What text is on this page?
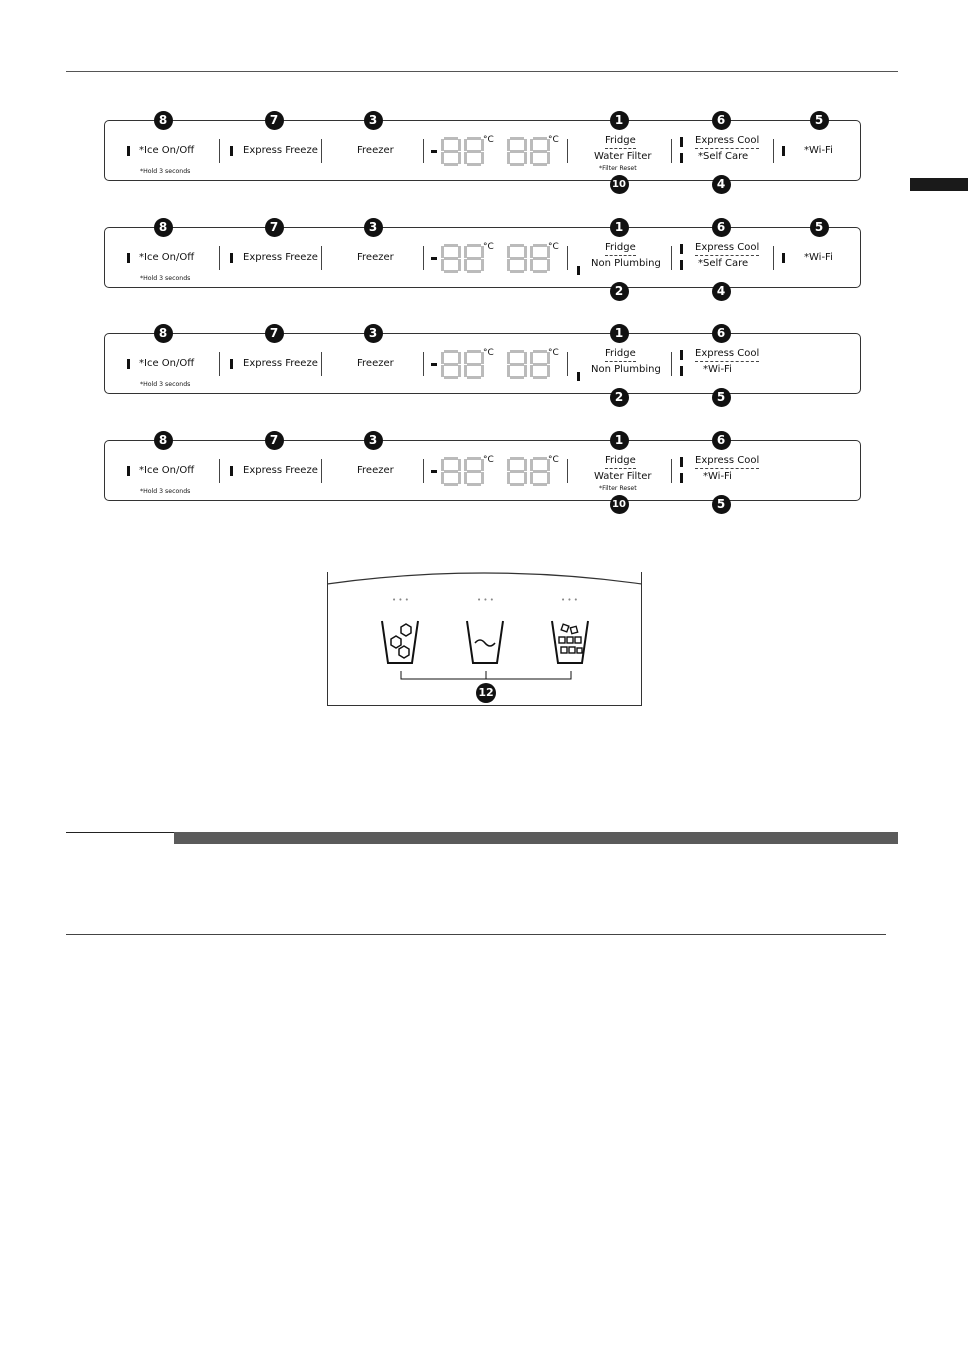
*Ice On/Off
*Hold 3 seconds
Express Freeze	Freezer
°C	°C	Fridge
Water Filter
*Filter Reset
Express Cool
*Self Care
*Wi-Fi
*Ice On/Off
*Hold 3 seconds
Express Freeze	Freezer
°C	°C	Fridge
Non Plumbing
Express Cool
*Self Care
*Wi-Fi
*Ice On/Off
*Hold 3 seconds
Express Freeze	Freezer
°C	°C	Fridge
Non Plumbing
Express Cool
*Wi-Fi
*Ice On/Off
*Hold 3 seconds
Express Freeze	Freezer
°C	°C	Fridge
Water Filter
*Filter Reset
Express Cool
*Wi-Fi
• • •	• • •	• • •
12
8	7	3	1	6	5
10	4
8	7	3	1	6	5
2	4
8	7	3	1	6
2	5
8	7	3	1	6
10	5
